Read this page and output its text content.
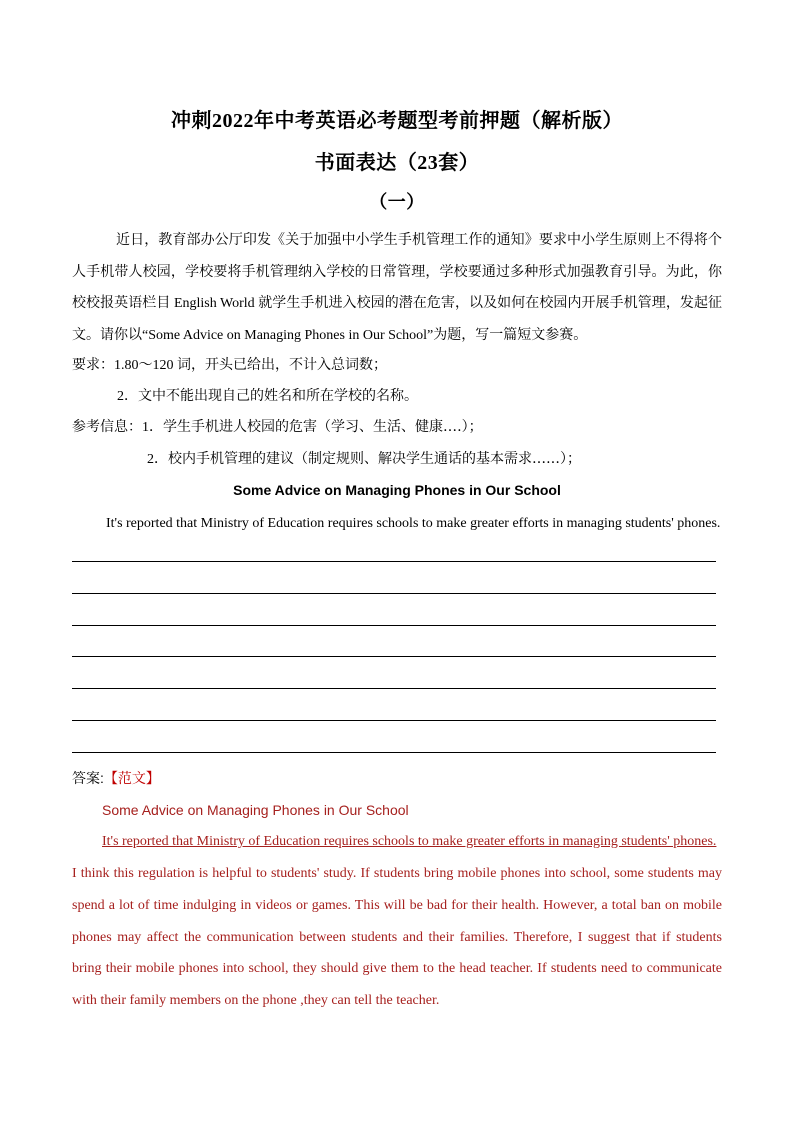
冲刺2022年中考英语必考题型考前押题（解析版）
书面表达（23套）
（一）
近日，教育部办公厅印发《关于加强中小学生手机管理工作的通知》要求中小学生原则上不得将个人手机带人校园，学校要将手机管理纳入学校的日常管理，学校要通过多种形式加强教育引导。为此，你校校报英语栏目 English World 就学生手机进入校园的潜在危害，以及如何在校园内开展手机管理，发起征文。请你以“Some Advice on Managing Phones in Our School”为题，写一篇短文参赛。
要求：1.80～120 词，开头已给出，不计入总词数；
2．文中不能出现自己的姓名和所在学校的名称。
参考信息：1．学生手机进人校园的危害（学习、生活、健康‥‥）；
2．校内手机管理的建议（制定规则、解决学生通话的基本需求‥‥‥）；
Some Advice on Managing Phones in Our School
It's reported that Ministry of Education requires schools to make greater efforts in managing students' phones.
答案:【范文】
Some Advice on Managing Phones in Our School
It's reported that Ministry of Education requires schools to make greater efforts in managing students' phones.
I think this regulation is helpful to students' study. If students bring mobile phones into school, some students may spend a lot of time indulging in videos or games. This will be bad for their health. However, a total ban on mobile phones may affect the communication between students and their families. Therefore, I suggest that if students bring their mobile phones into school, they should give them to the head teacher. If students need to communicate with their family members on the phone ,they can tell the teacher.
